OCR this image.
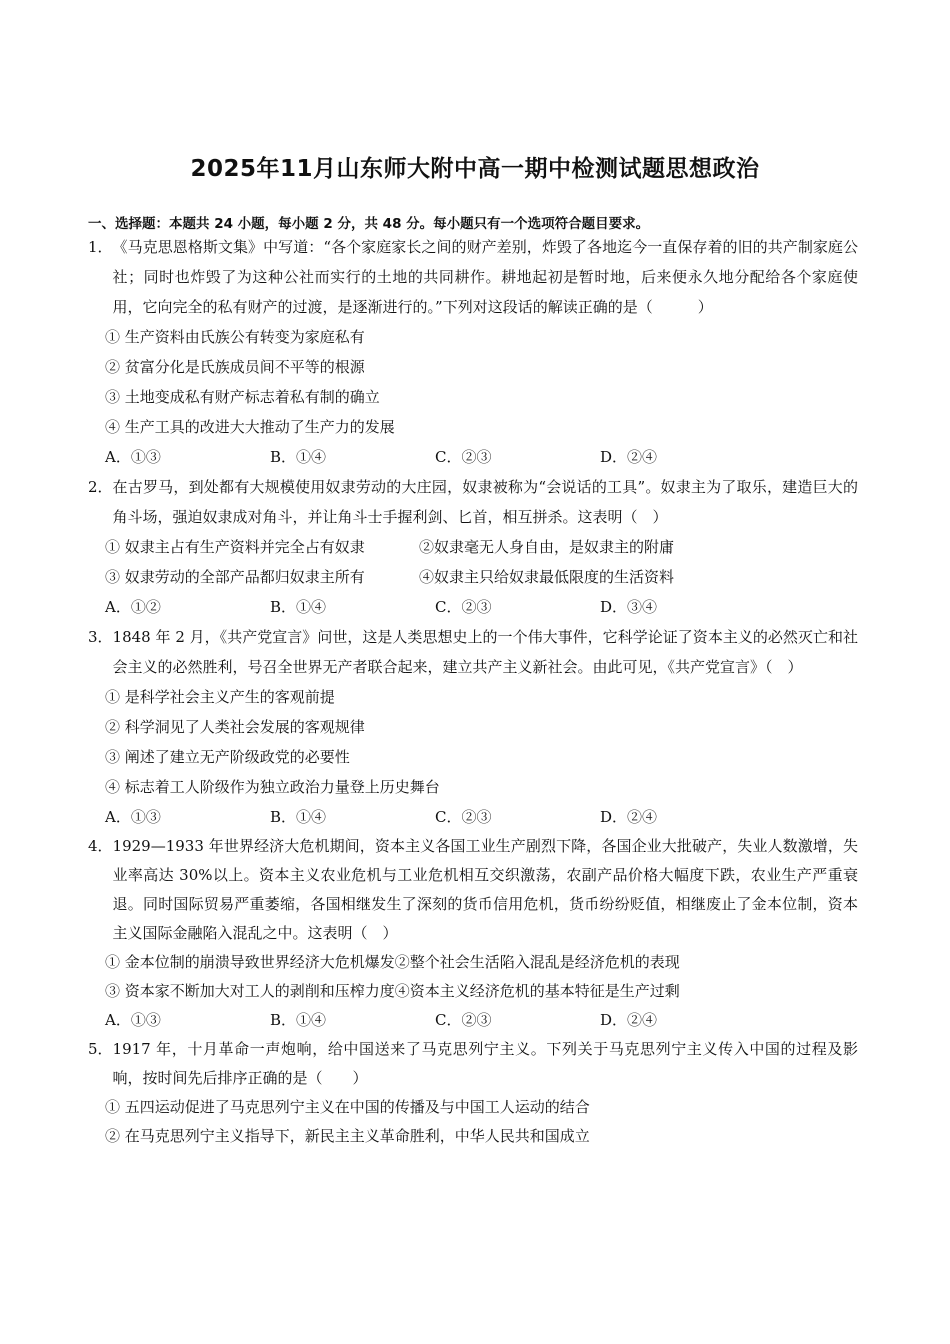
2025年11月山东师大附中高一期中检测试题思想政治
一、选择题：本题共 24 小题，每小题 2 分，共 48 分。每小题只有一个选项符合题目要求。
1． 《马克思恩格斯文集》中写道：“各个家庭家长之间的财产差别，炸毁了各地迄今一直保存着的旧的共产制家庭公社；同时也炸毁了为这种公社而实行的土地的共同耕作。耕地起初是暂时地，后来便永久地分配给各个家庭使用，它向完全的私有财产的过渡，是逐渐进行的。”下列对这段话的解读正确的是（　　　）
① 生产资料由氏族公有转变为家庭私有
② 贫富分化是氏族成员间不平等的根源
③ 土地变成私有财产标志着私有制的确立
④ 生产工具的改进大大推动了生产力的发展
A．①③	B．①④	C．②③	D．②④
2． 在古罗马，到处都有大规模使用奴隶劳动的大庄园，奴隶被称为“会说话的工具”。奴隶主为了取乐，建造巨大的角斗场，强迫奴隶成对角斗，并让角斗士手握利剑、匕首，相互拼杀。这表明（　）
① 奴隶主占有生产资料并完全占有奴隶	②奴隶毫无人身自由，是奴隶主的附庸
③ 奴隶劳动的全部产品都归奴隶主所有	④奴隶主只给奴隶最低限度的生活资料
A．①②	B．①④	C．②③	D．③④
3． 1848 年 2 月，《共产党宣言》问世，这是人类思想史上的一个伟大事件，它科学论证了资本主义的必然灭亡和社会主义的必然胜利，号召全世界无产者联合起来，建立共产主义新社会。由此可见，《共产党宣言》（　）
① 是科学社会主义产生的客观前提
② 科学洞见了人类社会发展的客观规律
③ 阐述了建立无产阶级政党的必要性
④ 标志着工人阶级作为独立政治力量登上历史舞台
A．①③	B．①④	C．②③	D．②④
4． 1929—1933 年世界经济大危机期间，资本主义各国工业生产剧烈下降，各国企业大批破产，失业人数激增，失业率高达 30%以上。资本主义农业危机与工业危机相互交织激荡，农副产品价格大幅度下跌，农业生产严重衰退。同时国际贸易严重萎缩，各国相继发生了深刻的货币信用危机，货币纷纷贬值，相继废止了金本位制，资本主义国际金融陷入混乱之中。这表明（　）
① 金本位制的崩溃导致世界经济大危机爆发②整个社会生活陷入混乱是经济危机的表现
③ 资本家不断加大对工人的剥削和压榨力度④资本主义经济危机的基本特征是生产过剩
A．①③	B．①④	C．②③	D．②④
5． 1917 年，十月革命一声炮响，给中国送来了马克思列宁主义。下列关于马克思列宁主义传入中国的过程及影响，按时间先后排序正确的是（　　）
① 五四运动促进了马克思列宁主义在中国的传播及与中国工人运动的结合
② 在马克思列宁主义指导下，新民主主义革命胜利，中华人民共和国成立
